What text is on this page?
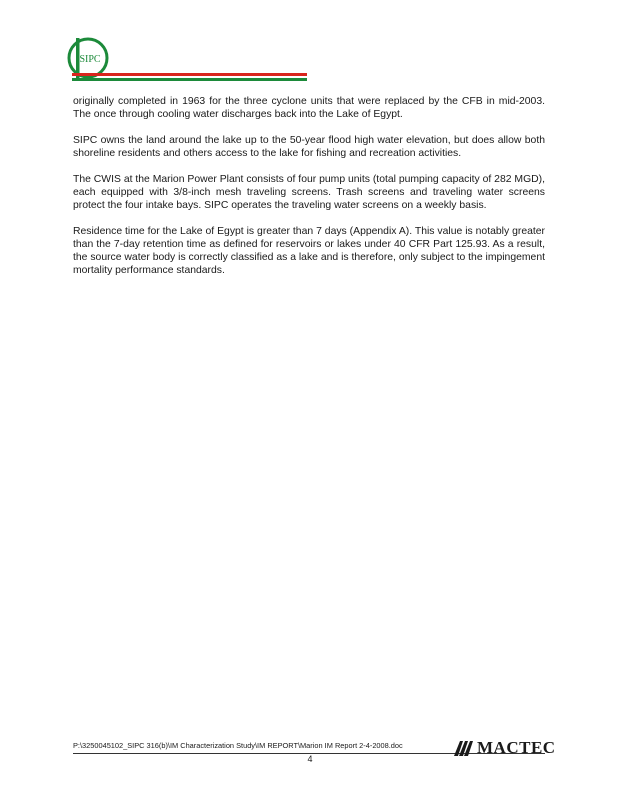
SIPC

originally completed in 1963 for the three cyclone units that were replaced by the CFB in mid-2003. The once through cooling water discharges back into the Lake of Egypt.

SIPC owns the land around the lake up to the 50-year flood high water elevation, but does allow both shoreline residents and others access to the lake for fishing and recreation activities.

The CWIS at the Marion Power Plant consists of four pump units (total pumping capacity of 282 MGD), each equipped with 3/8-inch mesh traveling screens. Trash screens and traveling water screens protect the four intake bays. SIPC operates the traveling water screens on a weekly basis.

Residence time for the Lake of Egypt is greater than 7 days (Appendix A). This value is notably greater than the 7-day retention time as defined for reservoirs or lakes under 40 CFR Part 125.93. As a result, the source water body is correctly classified as a lake and is therefore, only subject to the impingement mortality performance standards.

P:\3250045102_SIPC 316(b)\IM Characterization Study\IM REPORT\Marion IM Report 2-4-2008.doc
4
MACTEC
